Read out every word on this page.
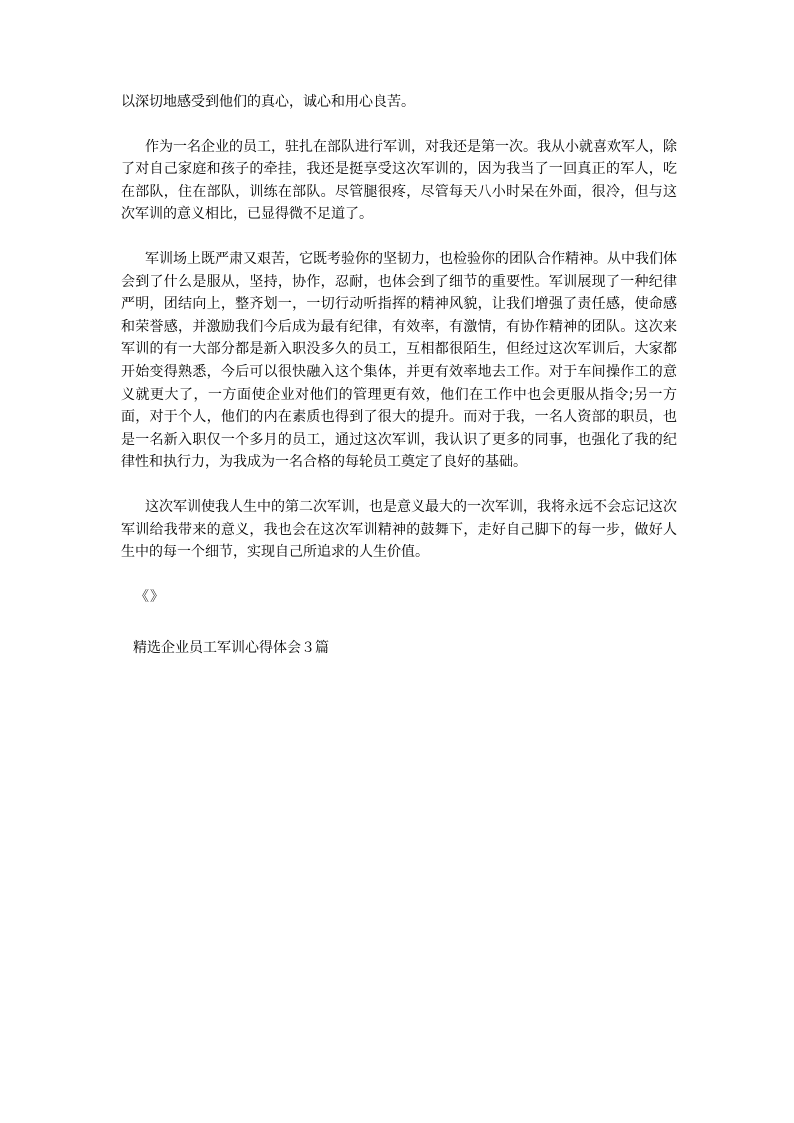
以深切地感受到他们的真心，诚心和用心良苦。

作为一名企业的员工，驻扎在部队进行军训，对我还是第一次。我从小就喜欢军人，除了对自己家庭和孩子的牵挂，我还是挺享受这次军训的，因为我当了一回真正的军人，吃在部队，住在部队，训练在部队。尽管腿很疼，尽管每天八小时呆在外面，很冷，但与这次军训的意义相比，已显得微不足道了。

军训场上既严肃又艰苦，它既考验你的坚韧力，也检验你的团队合作精神。从中我们体会到了什么是服从，坚持，协作，忍耐，也体会到了细节的重要性。军训展现了一种纪律严明，团结向上，整齐划一，一切行动听指挥的精神风貌，让我们增强了责任感，使命感和荣誉感，并激励我们今后成为最有纪律，有效率，有激情，有协作精神的团队。这次来军训的有一大部分都是新入职没多久的员工，互相都很陌生，但经过这次军训后，大家都开始变得熟悉，今后可以很快融入这个集体，并更有效率地去工作。对于车间操作工的意义就更大了，一方面使企业对他们的管理更有效，他们在工作中也会更服从指令;另一方面，对于个人，他们的内在素质也得到了很大的提升。而对于我，一名人资部的职员，也是一名新入职仅一个多月的员工，通过这次军训，我认识了更多的同事，也强化了我的纪律性和执行力，为我成为一名合格的每轮员工奠定了良好的基础。

这次军训使我人生中的第二次军训，也是意义最大的一次军训，我将永远不会忘记这次军训给我带来的意义，我也会在这次军训精神的鼓舞下，走好自己脚下的每一步，做好人生中的每一个细节，实现自己所追求的人生价值。

《》
精选企业员工军训心得体会３篇
